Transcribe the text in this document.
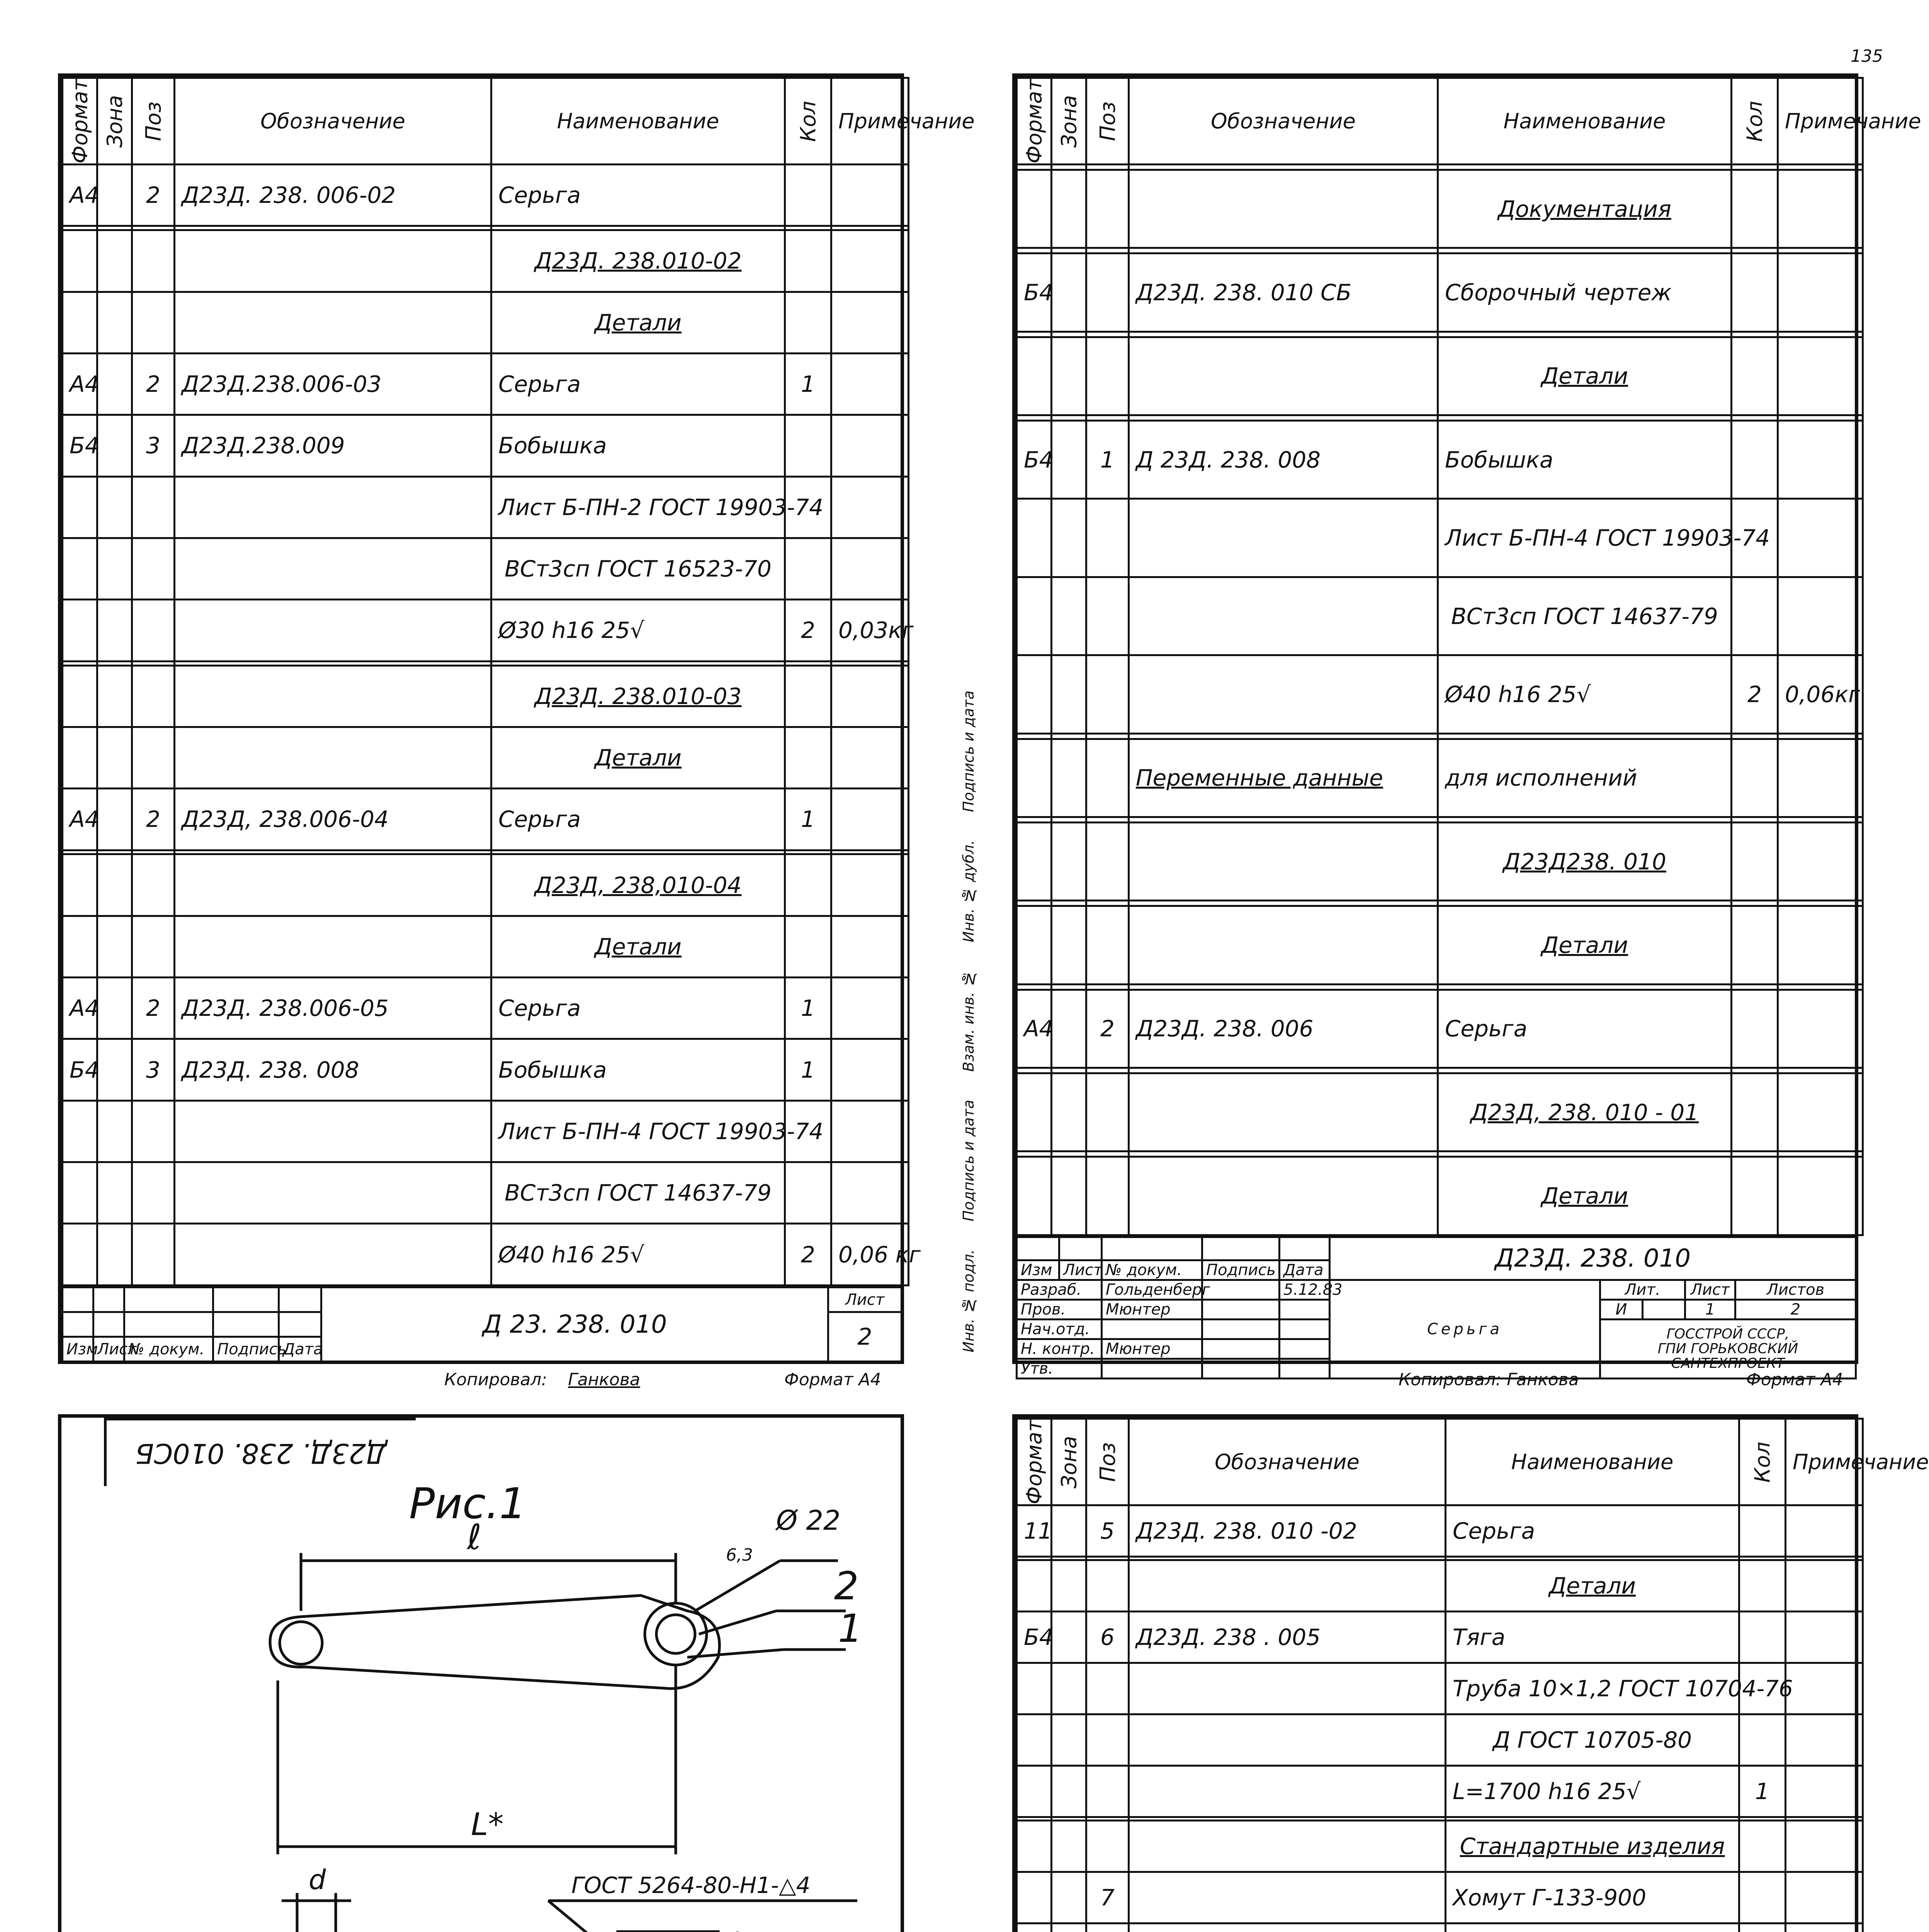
135
Формат	Зона	Поз	Обозначение	Наименование	Кол	Примечание
А4		2	Д23Д. 238. 006-02	Серьга		

				Д23Д. 238.010-02		
				Детали		
А4		2	Д23Д.238.006-03	Серьга	1	
Б4		3	Д23Д.238.009	Бобышка		
				Лист Б-ПН-2 ГОСТ 19903-74		
				ВСт3сп ГОСТ 16523-70		
				Ø30 h16 25√	2	0,03кг

				Д23Д. 238.010-03		
				Детали		
А4		2	Д23Д, 238.006-04	Серьга	1	

				Д23Д, 238,010-04		
				Детали		
А4		2	Д23Д. 238.006-05	Серьга	1	
Б4		3	Д23Д. 238. 008	Бобышка	1	
				Лист Б-ПН-4 ГОСТ 19903-74		
				ВСт3сп ГОСТ 14637-79		
				Ø40 h16 25√	2	0,06 кг
					Д 23. 238. 010	Лист
						2
Изм	Лист	№ докум.	Подпись	Дата		
Копировал: Ганкова	Формат А4
Инв. № подл.      Подпись и дата      Взам. инв. №      Инв. № дубл.      Подпись и дата
Формат	Зона	Поз	Обозначение	Наименование	Кол	Примечание

				Документация		

Б4			Д23Д. 238. 010 СБ	Сборочный чертеж		

				Детали		

Б4		1	Д 23Д. 238. 008	Бобышка		
				Лист Б-ПН-4 ГОСТ 19903-74		
				ВСт3сп ГОСТ 14637-79		
				Ø40 h16 25√	2	0,06кг

			Переменные данные	для исполнений		

				Д23Д238. 010		

				Детали		

А4		2	Д23Д. 238. 006	Серьга		

				Д23Д, 238. 010 - 01		

				Детали		
					Д23Д. 238. 010				
Изм	Лист	№ докум.	Подпись	Дата					
Разраб.		Гольденберг		5.12.83	Серьга	Лит.		Лист	Листов
Пров.		Мюнтер				И		1	2
Нач.отд.						ГОССТРОЙ СССР,
ГПИ ГОРЬКОВСКИЙ
САНТЕХПРОЕКТ			
Н. контр.		Мюнтер							
Утв.									
Копировал: Ганкова	Формат А4
Д23Д. 238. 010СБ
Рис.1
ℓ	Ø 22
6,3
2
1
L*
ГОСТ 5264-80-Н1-△4
d

Формат	Зона	Поз	Обозначение	Наименование	Кол	Примечание
11		5	Д23Д. 238. 010 -02	Серьга		

				Детали		
Б4		6	Д23Д. 238 . 005	Тяга		
				Труба 10×1,2 ГОСТ 10704-76		
				Д ГОСТ 10705-80		
				L=1700 h16 25√	1	

				Стандартные изделия		
		7		Хомут Г-133-900		
